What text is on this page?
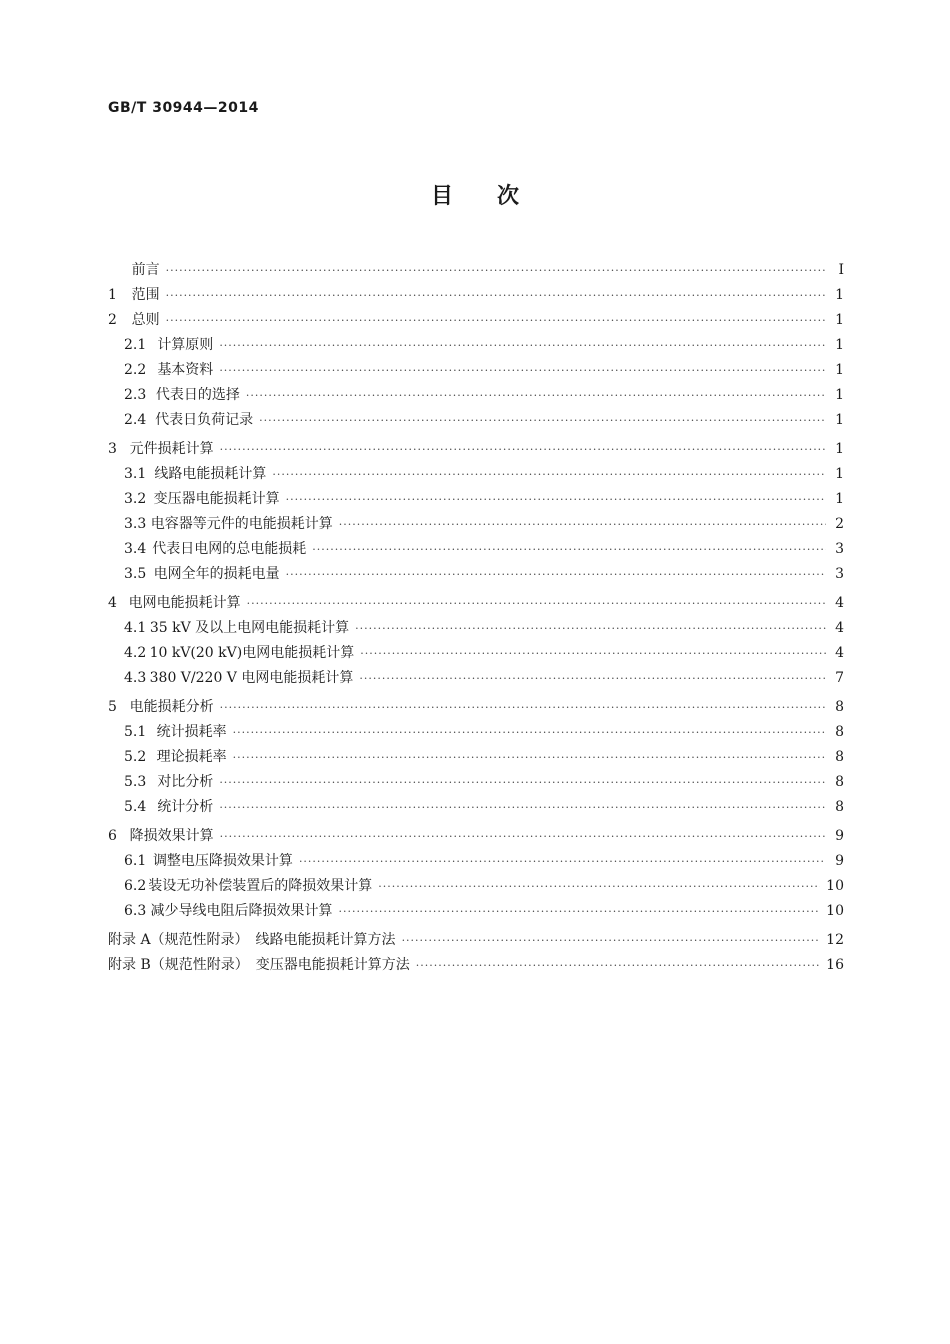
GB/T 30944—2014
目　　次
前言 ·····	Ⅰ
1	范围 ·····	1
2	总则 ·····	1
2.1 计算原则 ·····	1
2.2 基本资料 ·····	1
2.3 代表日的选择 ·····	1
2.4 代表日负荷记录 ·····	1
3 元件损耗计算 ·····	1
3.1 线路电能损耗计算 ·····	1
3.2 变压器电能损耗计算 ·····	1
3.3 电容器等元件的电能损耗计算 ·····	2
3.4 代表日电网的总电能损耗 ·····	3
3.5 电网全年的损耗电量 ·····	3
4 电网电能损耗计算 ·····	4
4.1 35 kV 及以上电网电能损耗计算 ·····	4
4.2 10 kV(20 kV)电网电能损耗计算 ·····	4
4.3 380 V/220 V 电网电能损耗计算 ·····	7
5 电能损耗分析 ·····	8
5.1 统计损耗率 ·····	8
5.2 理论损耗率 ·····	8
5.3 对比分析 ·····	8
5.4 统计分析 ·····	8
6 降损效果计算 ·····	9
6.1 调整电压降损效果计算 ·····	9
6.2 装设无功补偿装置后的降损效果计算 ·····	10
6.3 减少导线电阻后降损效果计算 ·····	10
附录 A（规范性附录）　线路电能损耗计算方法 ·····	12
附录 B（规范性附录）　变压器电能损耗计算方法 ·····	16
